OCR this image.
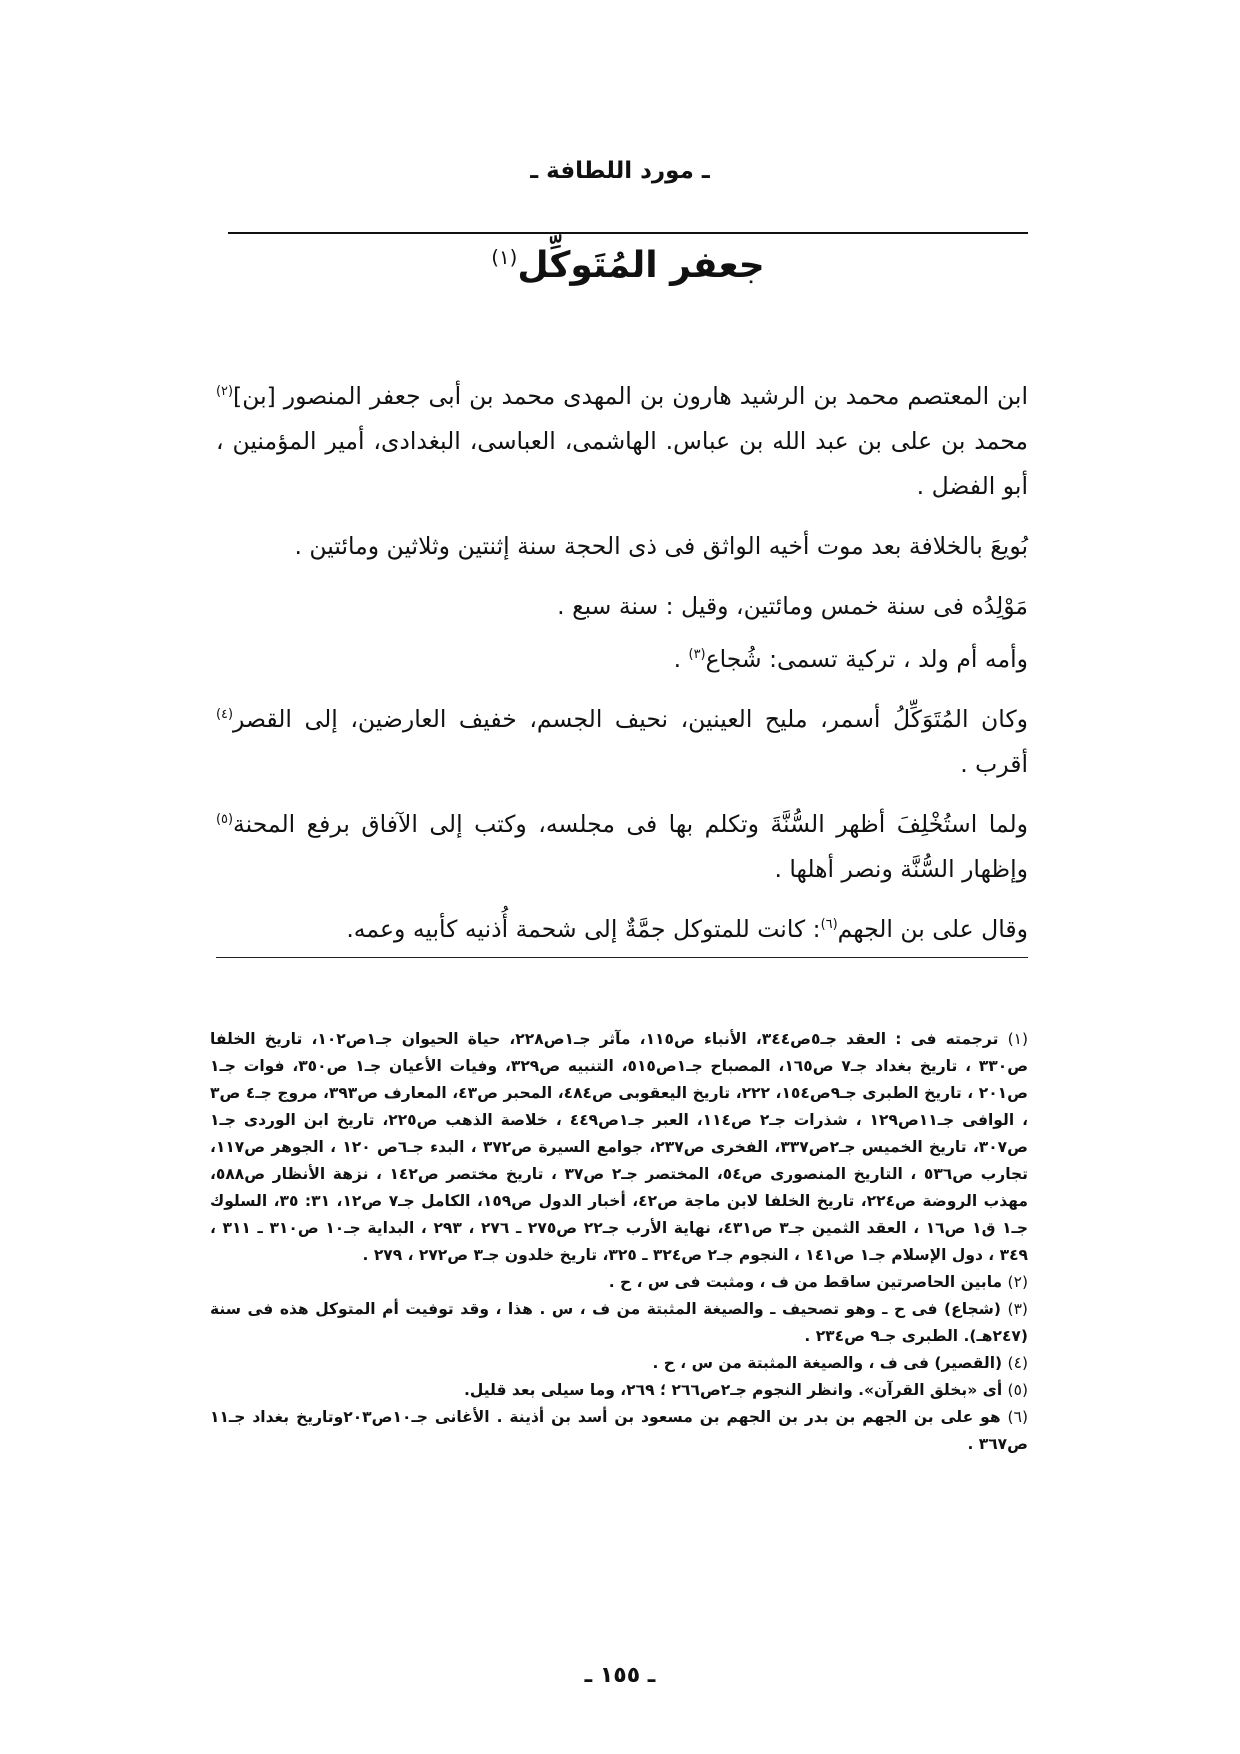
ـ مورد اللطافة ـ
جعفر المُتَوكِّل$^{(١)}$

ابن المعتصم محمد بن الرشيد هارون بن المهدى محمد بن أبى جعفر المنصور [بن]$^{(٢)}$ محمد بن على بن عبد الله بن عباس. الهاشمى، العباسى، البغدادى، أمير المؤمنين ، أبو الفضل .

بُويعَ بالخلافة بعد موت أخيه الواثق فى ذى الحجة سنة إثنتين وثلاثين ومائتين .

مَوْلِدُه فى سنة خمس ومائتين، وقيل : سنة سبع .

وأمه أم ولد ، تركية تسمى: شُجاع$^{(٣)}$ .

وكان المُتَوَكِّلُ أسمر، مليح العينين، نحيف الجسم، خفيف العارضين، إلى القصر$^{(٤)}$ أقرب .

ولما استُخْلِفَ أظهر السُّنَّةَ وتكلم بها فى مجلسه، وكتب إلى الآفاق برفع المحنة$^{(٥)}$ وإظهار السُّنَّة ونصر أهلها .

وقال على بن الجهم$^{(٦)}$: كانت للمتوكل جمَّةٌ إلى شحمة أُذنيه كأبيه وعمه.

(١) ترجمته فى : العقد جـ٥ص٣٤٤، الأنباء ص١١٥، مآثر جـ١ص٢٢٨، حياة الحيوان جـ١ص١٠٢، تاريخ الخلفا ص٣٣٠ ، تاريخ بغداد جـ٧ ص١٦٥، المصباح جـ١ص٥١٥، التنبيه ص٣٢٩، وفيات الأعيان جـ١ ص٣٥٠، فوات جـ١ ص٢٠١ ، تاريخ الطبرى جـ٩ص١٥٤، ٢٢٢، تاريخ اليعقوبى ص٤٨٤، المحبر ص٤٣، المعارف ص٣٩٣، مروج جـ٤ ص٣ ، الوافى جـ١١ص١٢٩ ، شذرات جـ٢ ص١١٤، العبر جـ١ص٤٤٩ ، خلاصة الذهب ص٢٢٥، تاريخ ابن الوردى جـ١ ص٣٠٧، تاريخ الخميس جـ٢ص٣٣٧، الفخرى ص٢٣٧، جوامع السيرة ص٣٧٢ ، البدء جـ٦ص ١٢٠ ، الجوهر ص١١٧، تجارب ص٥٣٦ ، التاريخ المنصورى ص٥٤، المختصر جـ٢ ص٣٧ ، تاريخ مختصر ص١٤٢ ، نزهة الأنظار ص٥٨٨، مهذب الروضة ص٢٢٤، تاريخ الخلفا لابن ماجة ص٤٢، أخبار الدول ص١٥٩، الكامل جـ٧ ص١٢، ٣١: ٣٥، السلوك جـ١ ق١ ص١٦ ، العقد الثمين جـ٣ ص٤٣١، نهاية الأرب جـ٢٢ ص٢٧٥ ـ ٢٧٦ ، ٢٩٣ ، البداية جـ١٠ ص٣١٠ ـ ٣١١ ، ٣٤٩ ، دول الإسلام جـ١ ص١٤١ ، النجوم جـ٢ ص٣٢٤ ـ ٣٢٥، تاريخ خلدون جـ٣ ص٢٧٢ ، ٢٧٩ .

(٢) مابين الحاصرتين ساقط من ف ، ومثبت فى س ، ح .

(٣) (شجاع) فى ح ـ وهو تصحيف ـ والصيغة المثبتة من ف ، س . هذا ، وقد توفيت أم المتوكل هذه فى سنة (٢٤٧هـ). الطبرى جـ٩ ص٢٣٤ .

(٤) (القصير) فى ف ، والصيغة المثبتة من س ، ح .

(٥) أى «بخلق القرآن». وانظر النجوم جـ٢ص٢٦٦ ؛ ٢٦٩، وما سيلى بعد قليل.

(٦) هو على بن الجهم بن بدر بن الجهم بن مسعود بن أسد بن أذينة . الأغانى جـ١٠ص٢٠٣وتاريخ بغداد جـ١١ ص٣٦٧ .

ـ ١٥٥ ـ
